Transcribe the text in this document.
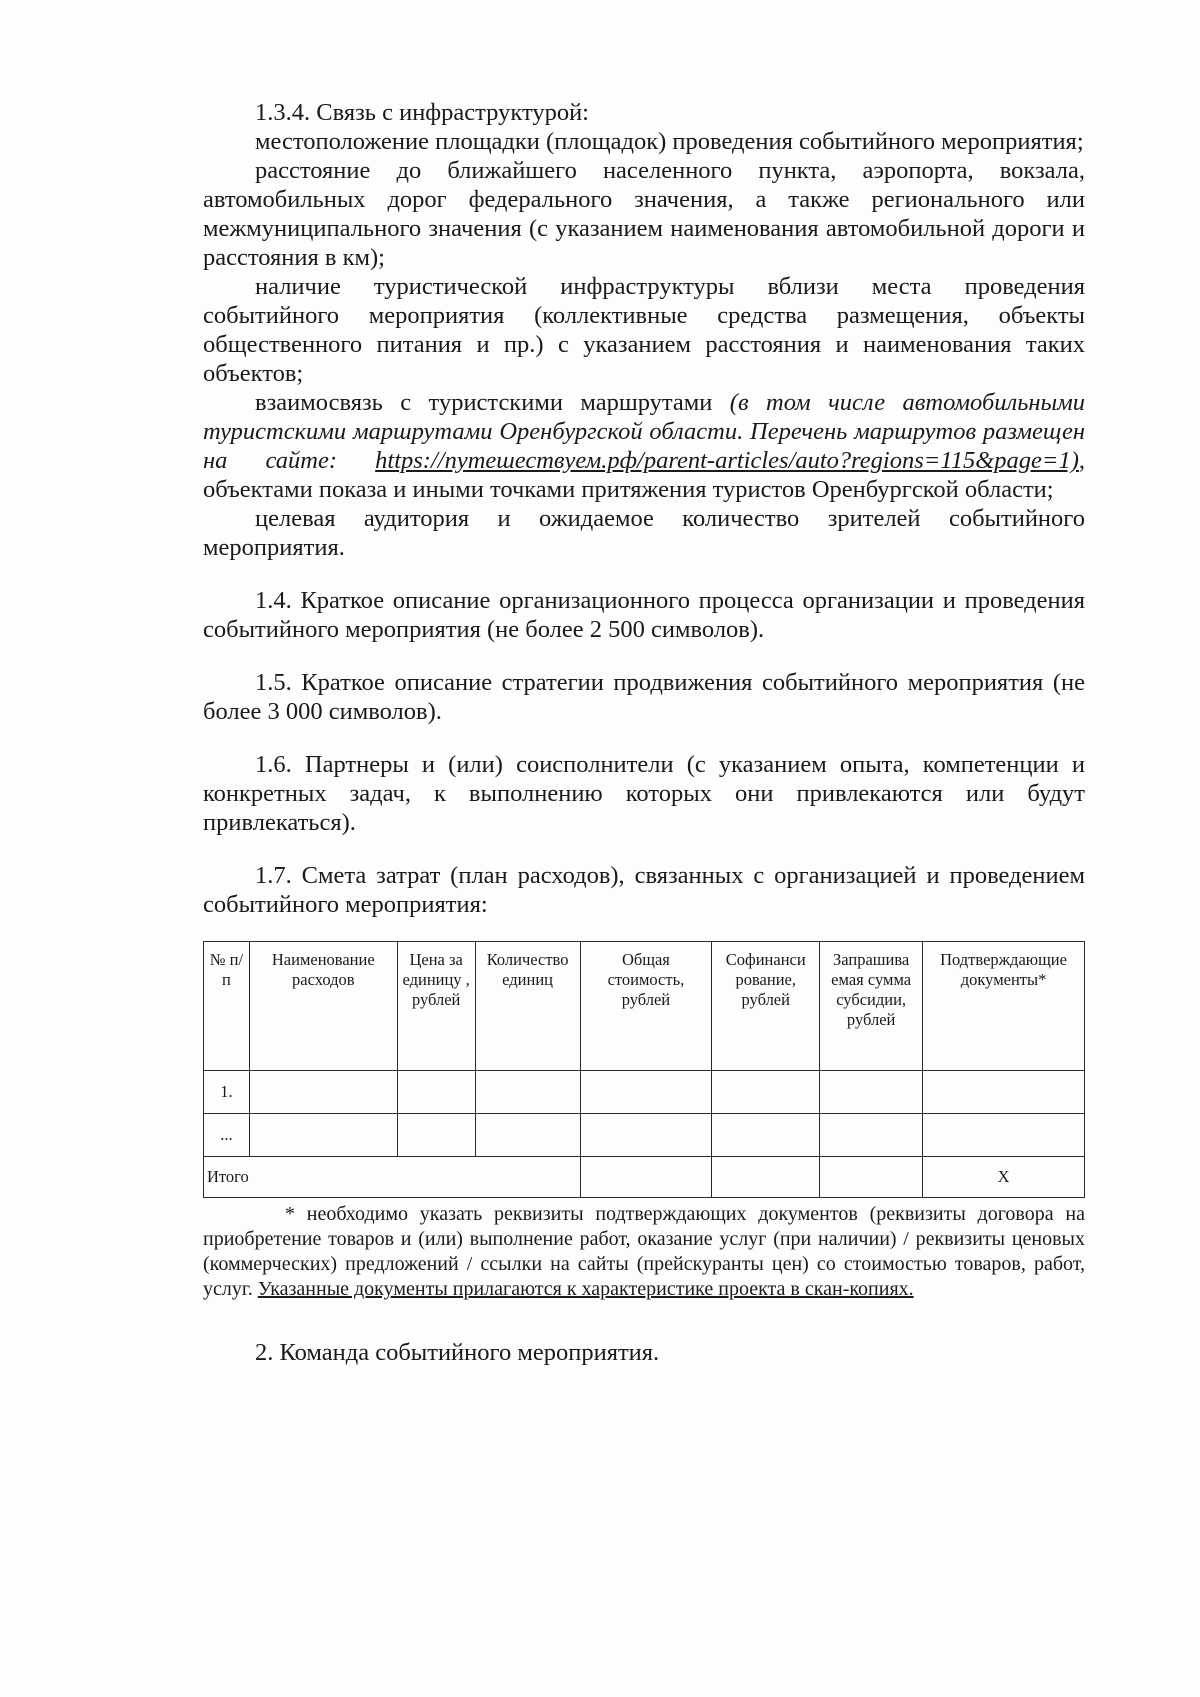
1.3.4. Связь с инфраструктурой:

местоположение площадки (площадок) проведения событийного мероприятия;

расстояние до ближайшего населенного пункта, аэропорта, вокзала, автомобильных дорог федерального значения, а также регионального или межмуниципального значения (с указанием наименования автомобильной дороги и расстояния в км);

наличие туристической инфраструктуры вблизи места проведения событийного мероприятия (коллективные средства размещения, объекты общественного питания и пр.) с указанием расстояния и наименования таких объектов;

взаимосвязь с туристскими маршрутами (в том числе автомобильными туристскими маршрутами Оренбургской области. Перечень маршрутов размещен на сайте: https://путешествуем.рф/parent-articles/auto?regions=115&page=1), объектами показа и иными точками притяжения туристов Оренбургской области;

целевая аудитория и ожидаемое количество зрителей событийного мероприятия.

1.4. Краткое описание организационного процесса организации и проведения событийного мероприятия (не более 2 500 символов).

1.5. Краткое описание стратегии продвижения событийного мероприятия (не более 3 000 символов).

1.6. Партнеры и (или) соисполнители (с указанием опыта, компетенции и конкретных задач, к выполнению которых они привлекаются или будут привлекаться).

1.7. Смета затрат (план расходов), связанных с организацией и проведением событийного мероприятия:

№ п/п	Наименование расходов	Цена за единицу , рублей	Количество единиц	Общая стоимость, рублей	Софинанси рование, рублей	Запрашива емая сумма субсидии, рублей	Подтверждающие документы*
1.							
...							
Итого							Х

* необходимо указать реквизиты подтверждающих документов (реквизиты договора на приобретение товаров и (или) выполнение работ, оказание услуг (при наличии) / реквизиты ценовых (коммерческих) предложений / ссылки на сайты (прейскуранты цен) со стоимостью товаров, работ, услуг. Указанные документы прилагаются к характеристике проекта в скан-копиях.

2. Команда событийного мероприятия.
